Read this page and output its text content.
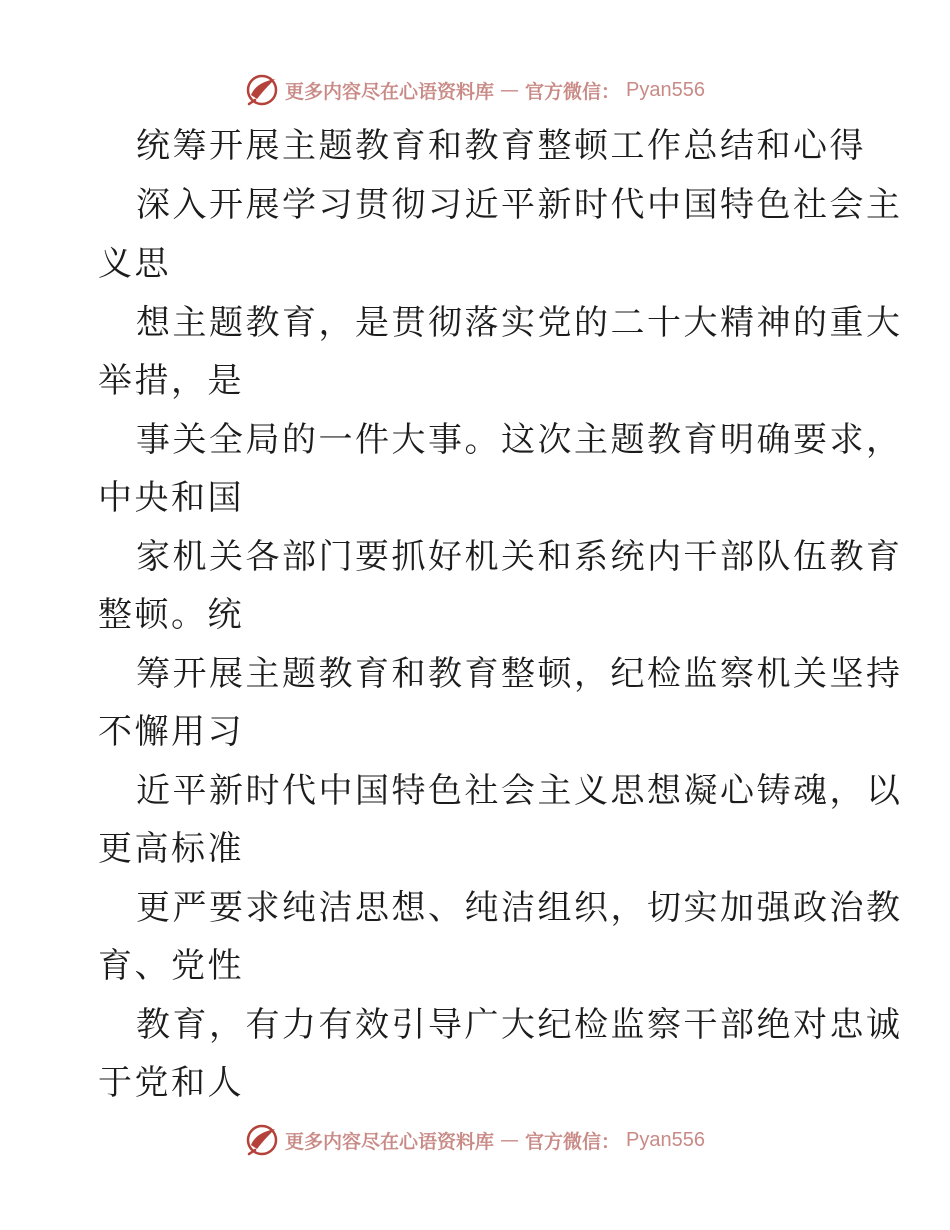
更多内容尽在心语资料库 — 官方微信： Pyan556
统筹开展主题教育和教育整顿工作总结和心得
深入开展学习贯彻习近平新时代中国特色社会主
义思
想主题教育，是贯彻落实党的二十大精神的重大
举措，是
事关全局的一件大事。这次主题教育明确要求，
中央和国
家机关各部门要抓好机关和系统内干部队伍教育
整顿。统
筹开展主题教育和教育整顿，纪检监察机关坚持
不懈用习
近平新时代中国特色社会主义思想凝心铸魂，以
更高标准
更严要求纯洁思想、纯洁组织，切实加强政治教
育、党性
教育，有力有效引导广大纪检监察干部绝对忠诚
于党和人
更多内容尽在心语资料库 — 官方微信： Pyan556
